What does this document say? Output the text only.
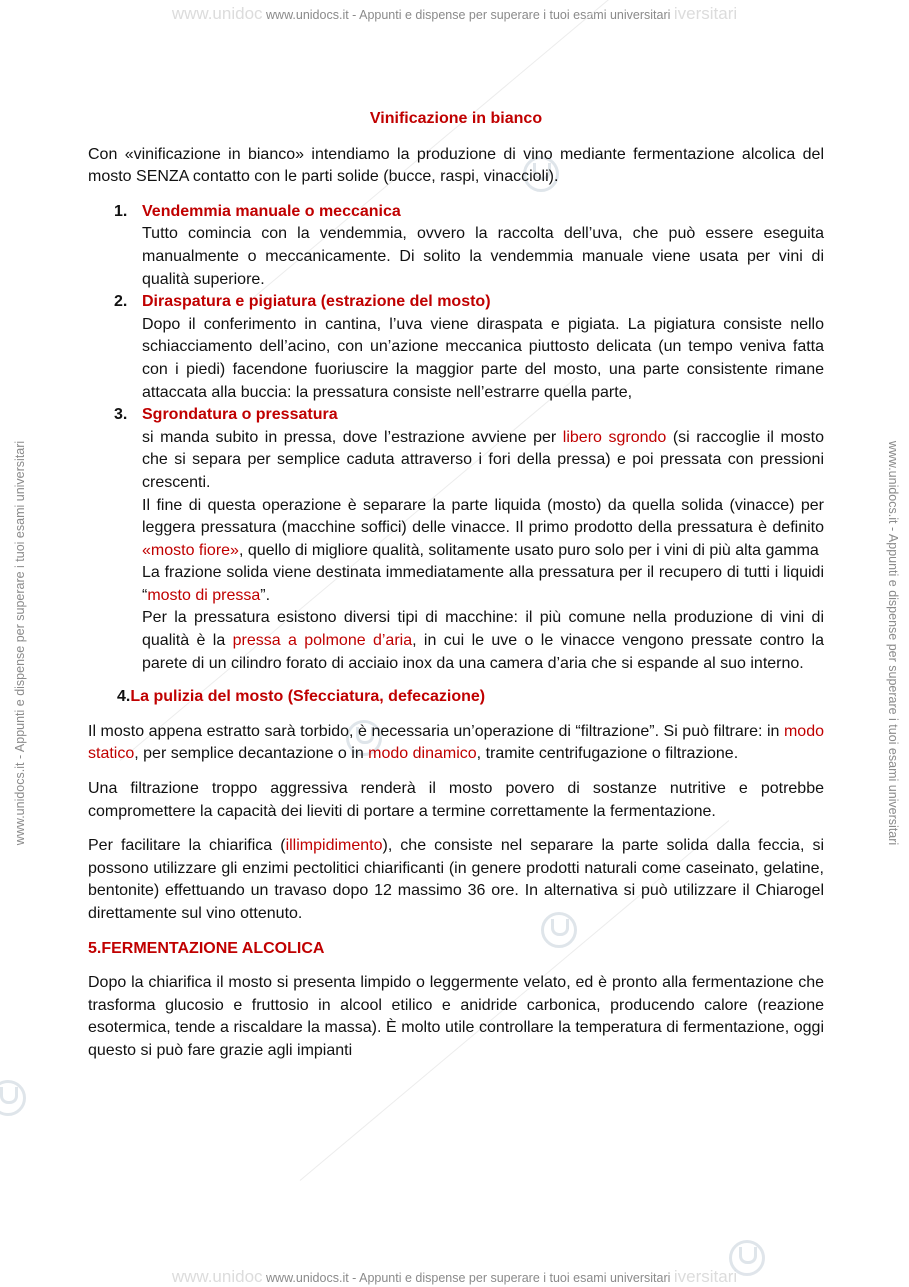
www.unidoc www.unidocs.it - Appunti e dispense per superare i tuoi esami universitari iversitari
www.unidoc www.unidocs.it - Appunti e dispense per superare i tuoi esami universitari iversitari
www.unidocs.it - Appunti e dispense per superare i tuoi esami universitari	www.unidocs.it - Appunti e dispense per superare i tuoi esami universitari
Vinificazione in bianco

Con «vinificazione in bianco» intendiamo la produzione di vino mediante fermentazione alcolica del mosto SENZA contatto con le parti solide (bucce, raspi, vinaccioli).

1. Vendemmia manuale o meccanica

Tutto comincia con la vendemmia, ovvero la raccolta dell’uva, che può essere eseguita manualmente o meccanicamente. Di solito la vendemmia manuale viene usata per vini di qualità superiore.

2. Diraspatura e pigiatura (estrazione del mosto)

Dopo il conferimento in cantina, l’uva viene diraspata e pigiata. La pigiatura consiste nello schiacciamento dell’acino, con un’azione meccanica piuttosto delicata (un tempo veniva fatta con i piedi) facendone fuoriuscire la maggior parte del mosto, una parte consistente rimane attaccata alla buccia: la pressatura consiste nell’estrarre quella parte,

3. Sgrondatura o pressatura

si manda subito in pressa, dove l’estrazione avviene per libero sgrondo (si raccoglie il mosto che si separa per semplice caduta attraverso i fori della pressa) e poi pressata con pressioni crescenti.

Il fine di questa operazione è separare la parte liquida (mosto) da quella solida (vinacce) per leggera pressatura (macchine soffici) delle vinacce. Il primo prodotto della pressatura è definito «mosto fiore», quello di migliore qualità, solitamente usato puro solo per i vini di più alta gamma

La frazione solida viene destinata immediatamente alla pressatura per il recupero di tutti i liquidi “mosto di pressa”.

Per la pressatura esistono diversi tipi di macchine: il più comune nella produzione di vini di qualità è la pressa a polmone d’aria, in cui le uve o le vinacce vengono pressate contro la parete di un cilindro forato di acciaio inox da una camera d’aria che si espande al suo interno.

4.La pulizia del mosto (Sfecciatura, defecazione)

Il mosto appena estratto sarà torbido, è necessaria un’operazione di “filtrazione”. Si può filtrare: in modo statico, per semplice decantazione o in modo dinamico, tramite centrifugazione o filtrazione.

Una filtrazione troppo aggressiva renderà il mosto povero di sostanze nutritive e potrebbe compromettere la capacità dei lieviti di portare a termine correttamente la fermentazione.

Per facilitare la chiarifica (illimpidimento), che consiste nel separare la parte solida dalla feccia, si possono utilizzare gli enzimi pectolitici chiarificanti (in genere prodotti naturali come caseinato, gelatine, bentonite) effettuando un travaso dopo 12 massimo 36 ore. In alternativa si può utilizzare il Chiarogel direttamente sul vino ottenuto.

5.FERMENTAZIONE ALCOLICA

Dopo la chiarifica il mosto si presenta limpido o leggermente velato, ed è pronto alla fermentazione che trasforma glucosio e fruttosio in alcool etilico e anidride carbonica, producendo calore (reazione esotermica, tende a riscaldare la massa). È molto utile controllare la temperatura di fermentazione, oggi questo si può fare grazie agli impianti
